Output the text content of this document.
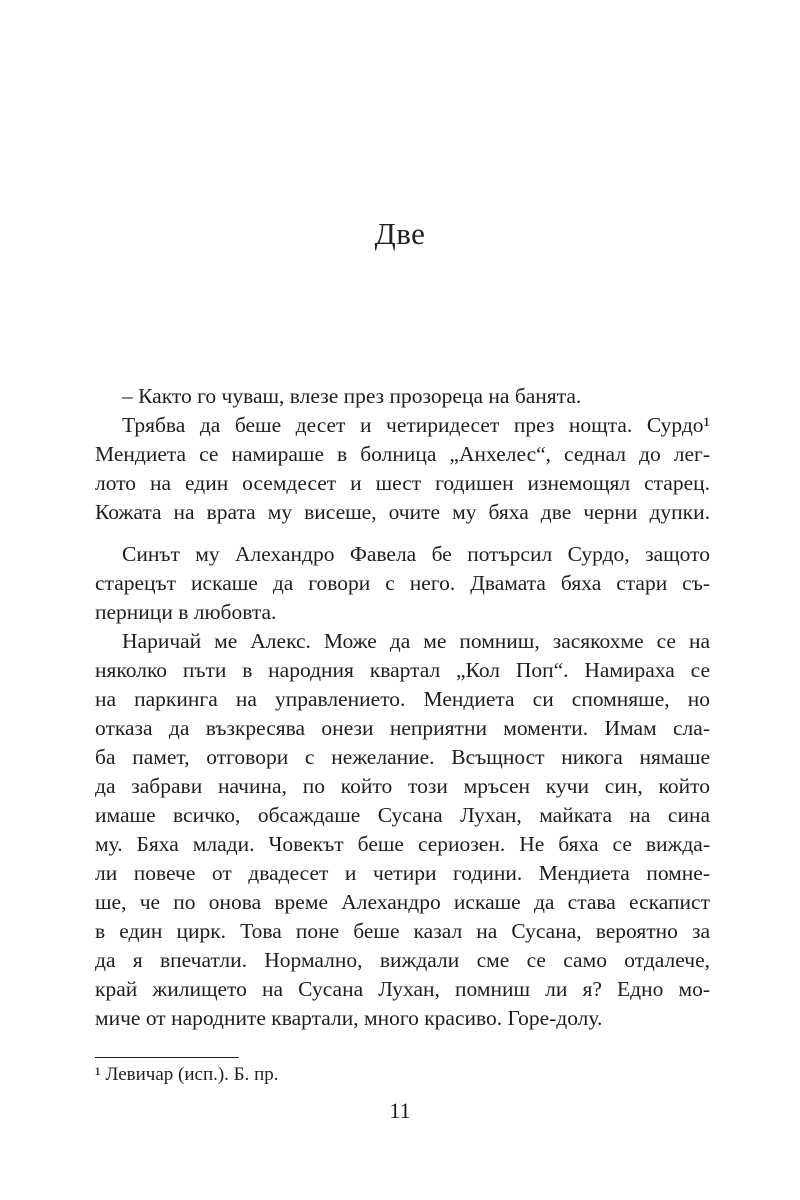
Две
– Както го чуваш, влезе през прозореца на банята.
Трябва да беше десет и четиридесет през нощта. Сурдо¹
Мендиета се намираше в болница „Анхелес“, седнал до лег-
лото на един осемдесет и шест годишен изнемощял старец.
Кожата на врата му висеше, очите му бяха две черни дупки.
Синът му Алехандро Фавела бе потърсил Сурдо, защото
старецът искаше да говори с него. Двамата бяха стари съ-
перници в любовта.
Наричай ме Алекс. Може да ме помниш, засякохме се на
няколко пъти в народния квартал „Кол Поп“. Намираха се
на паркинга на управлението. Мендиета си спомняше, но
отказа да възкресява онези неприятни моменти. Имам сла-
ба памет, отговори с нежелание. Всъщност никога нямаше
да забрави начина, по който този мръсен кучи син, който
имаше всичко, обсаждаше Сусана Лухан, майката на сина
му. Бяха млади. Човекът беше сериозен. Не бяха се вижда-
ли повече от двадесет и четири години. Мендиета помне-
ше, че по онова време Алехандро искаше да става ескапист
в един цирк. Това поне беше казал на Сусана, вероятно за
да я впечатли. Нормално, виждали сме се само отдалече,
край жилището на Сусана Лухан, помниш ли я? Едно мо-
миче от народните квартали, много красиво. Горе-долу.
¹ Левичар (исп.). Б. пр.
11
